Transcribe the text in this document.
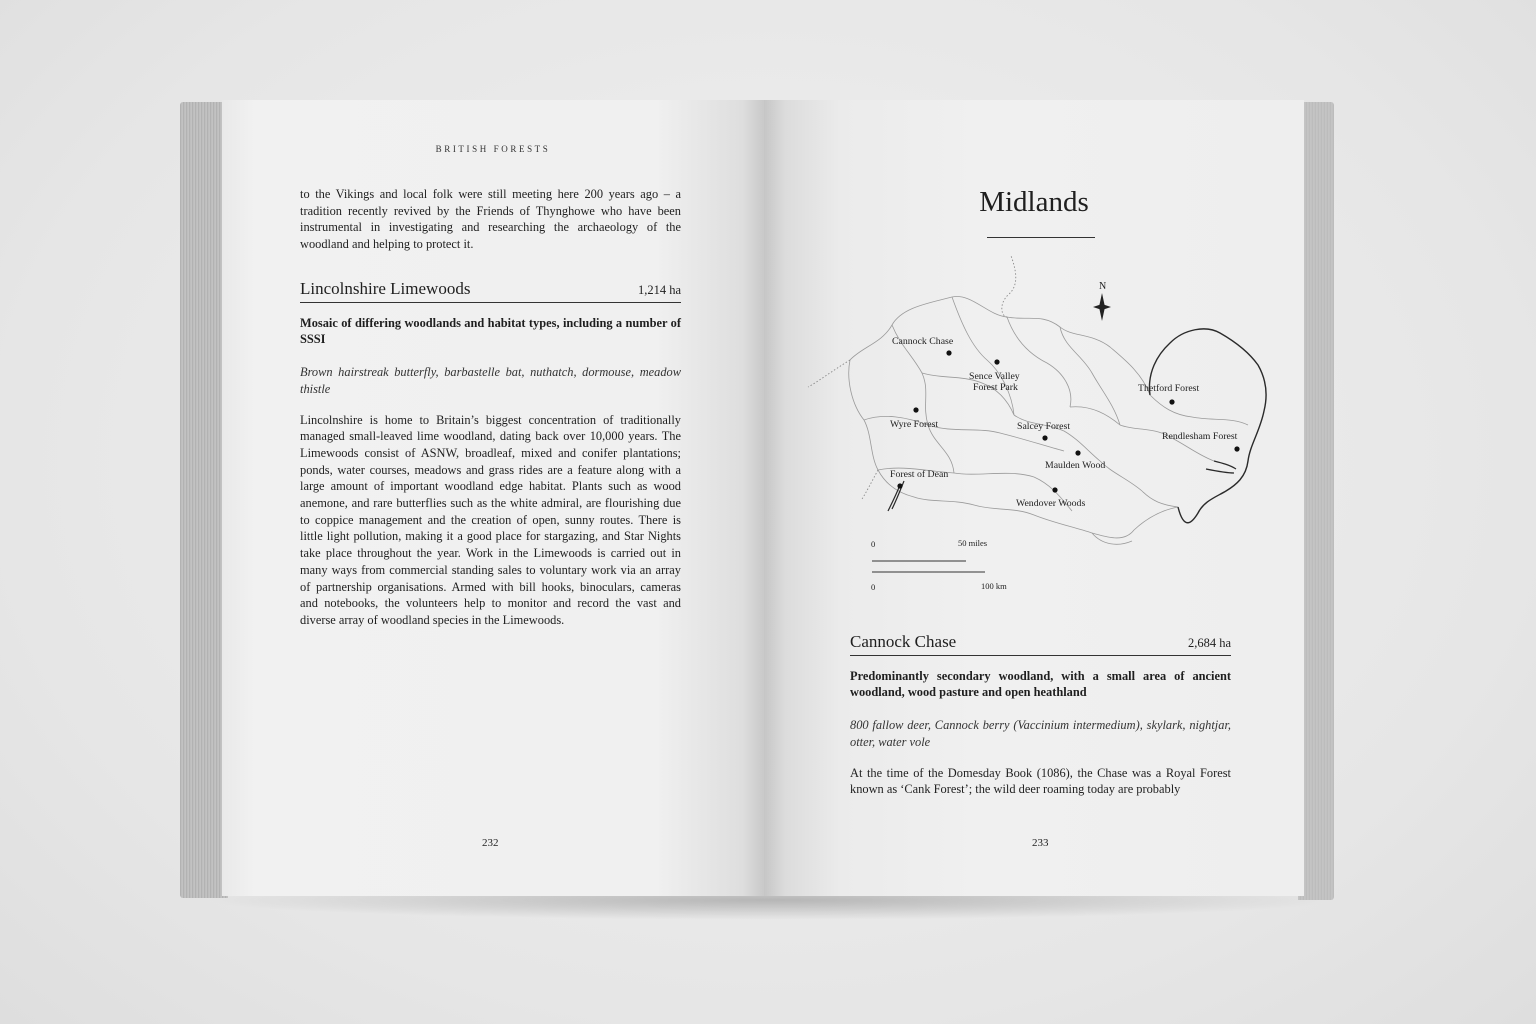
BRITISH FORESTS

to the Vikings and local folk were still meeting here 200 years ago – a tradition recently revived by the Friends of Thynghowe who have been instrumental in investigating and researching the archaeology of the woodland and helping to protect it.

Lincolnshire Limewoods	1,214 ha

Mosaic of differing woodlands and habitat types, including a number of SSSI

Brown hairstreak butterfly, barbastelle bat, nuthatch, dormouse, meadow thistle

Lincolnshire is home to Britain’s biggest concentration of traditionally managed small-leaved lime woodland, dating back over 10,000 years. The Limewoods consist of ASNW, broadleaf, mixed and conifer plantations; ponds, water courses, meadows and grass rides are a feature along with a large amount of important woodland edge habitat. Plants such as wood anemone, and rare butterflies such as the white admiral, are flourishing due to coppice management and the creation of open, sunny routes. There is little light pollution, making it a good place for stargazing, and Star Nights take place throughout the year. Work in the Limewoods is carried out in many ways from commercial standing sales to voluntary work via an array of partnership organisations. Armed with bill hooks, binoculars, cameras and notebooks, the volunteers help to monitor and record the vast and diverse array of woodland species in the Limewoods.

232
Midlands
N
Cannock Chase
Sence Valley
Forest Park	Thetford Forest
Wyre Forest	Salcey Forest
Rendlesham Forest
Maulden Wood
Forest of Dean
Wendover Woods
0	50 miles
0	100 km
Cannock Chase	2,684 ha

Predominantly secondary woodland, with a small area of ancient woodland, wood pasture and open heathland

800 fallow deer, Cannock berry (Vaccinium intermedium), skylark, nightjar, otter, water vole

At the time of the Domesday Book (1086), the Chase was a Royal Forest known as ‘Cank Forest’; the wild deer roaming today are probably

233
